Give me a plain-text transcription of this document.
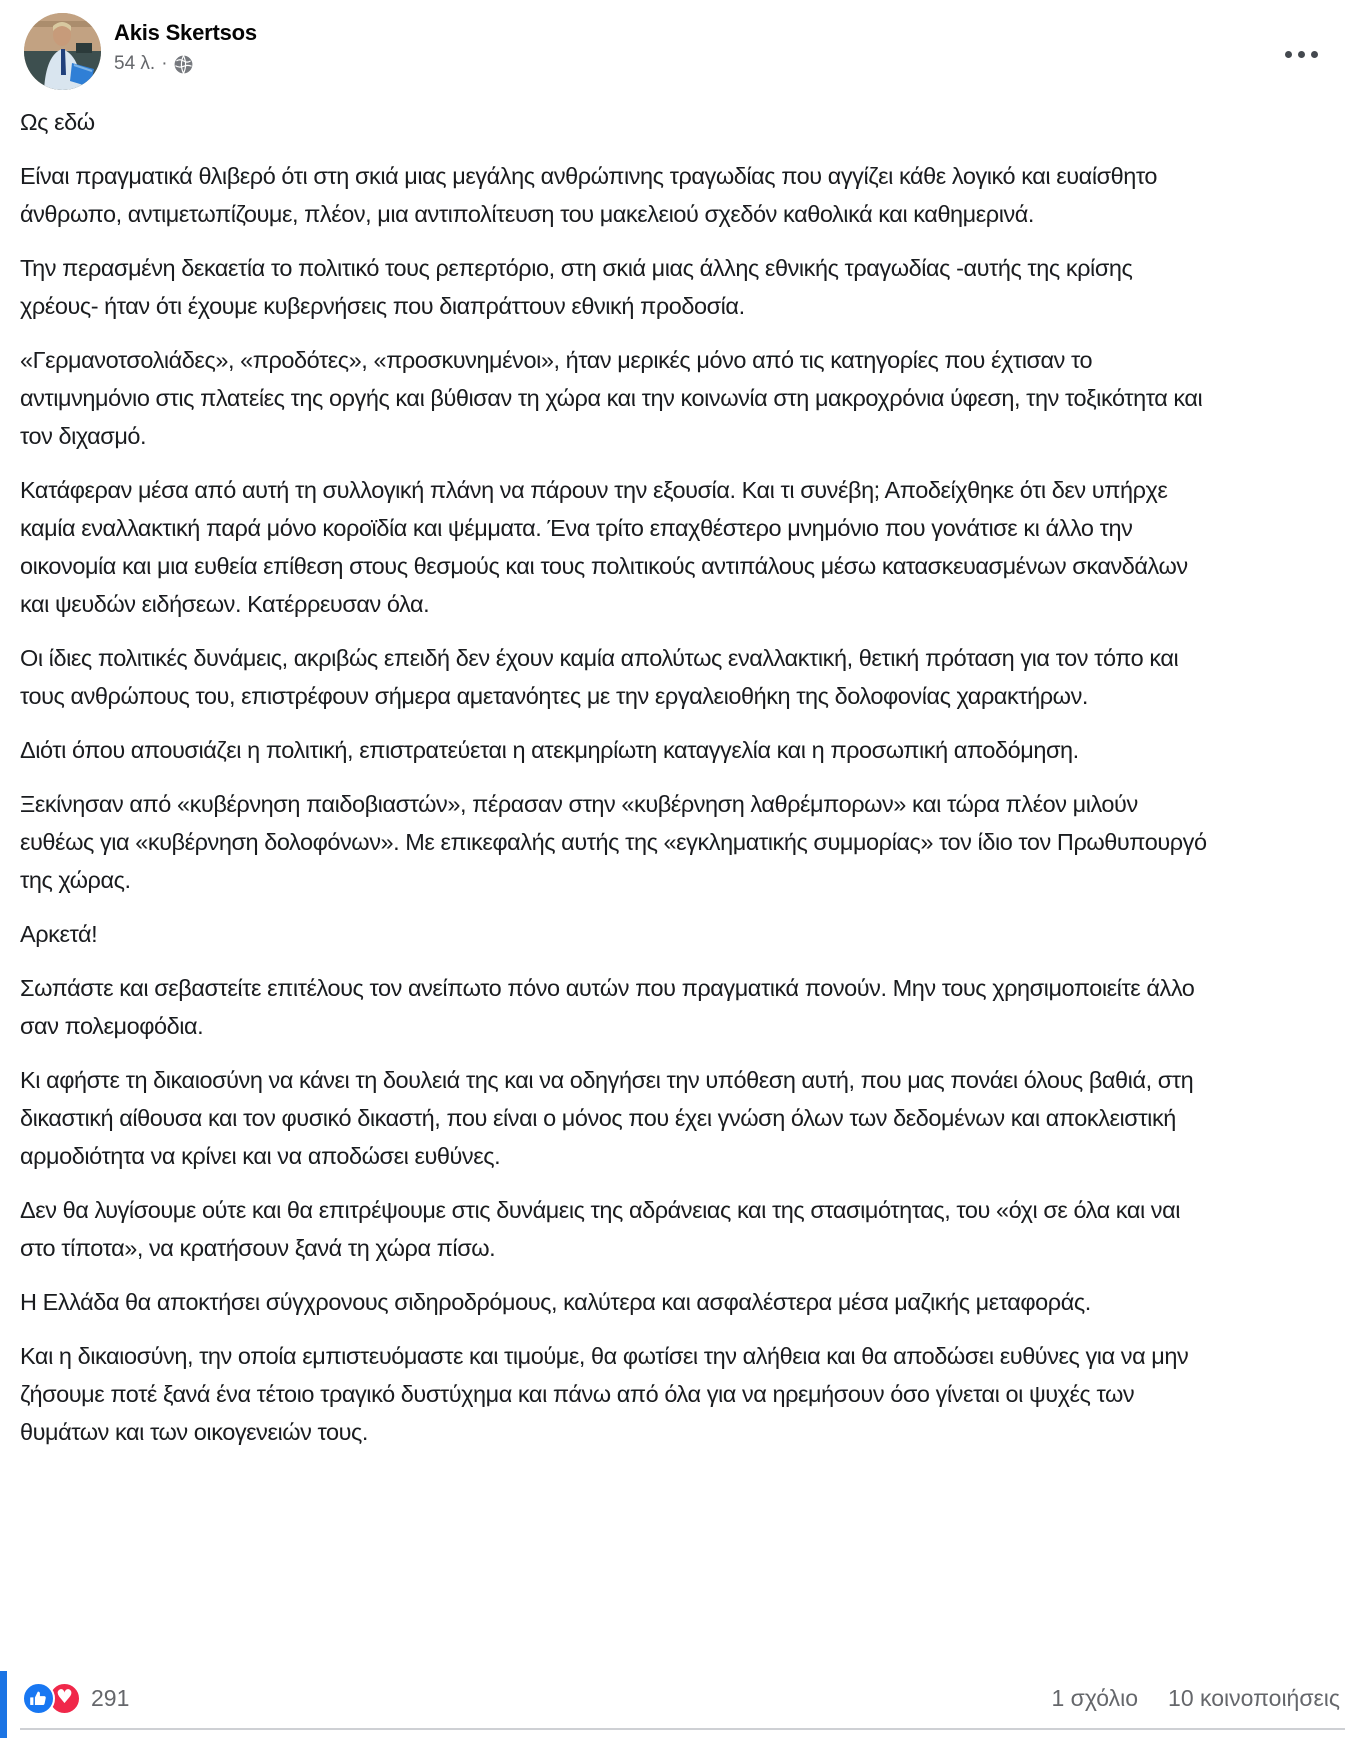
Akis Skertsos
54 λ. ·

Ως εδώ

Είναι πραγματικά θλιβερό ότι στη σκιά μιας μεγάλης ανθρώπινης τραγωδίας που αγγίζει κάθε λογικό και ευαίσθητο άνθρωπο, αντιμετωπίζουμε, πλέον, μια αντιπολίτευση του μακελειού σχεδόν καθολικά και καθημερινά.

Την περασμένη δεκαετία το πολιτικό τους ρεπερτόριο, στη σκιά μιας άλλης εθνικής τραγωδίας -αυτής της κρίσης χρέους- ήταν ότι έχουμε κυβερνήσεις που διαπράττουν εθνική προδοσία.

«Γερμανοτσολιάδες», «προδότες», «προσκυνημένοι», ήταν μερικές μόνο από τις κατηγορίες που έχτισαν το αντιμνημόνιο στις πλατείες της οργής και βύθισαν τη χώρα και την κοινωνία στη μακροχρόνια ύφεση, την τοξικότητα και τον διχασμό.

Κατάφεραν μέσα από αυτή τη συλλογική πλάνη να πάρουν την εξουσία. Και τι συνέβη; Αποδείχθηκε ότι δεν υπήρχε καμία εναλλακτική παρά μόνο κοροϊδία και ψέμματα. Ένα τρίτο επαχθέστερο μνημόνιο που γονάτισε κι άλλο την οικονομία και μια ευθεία επίθεση στους θεσμούς και τους πολιτικούς αντιπάλους μέσω κατασκευασμένων σκανδάλων και ψευδών ειδήσεων. Κατέρρευσαν όλα.

Οι ίδιες πολιτικές δυνάμεις, ακριβώς επειδή δεν έχουν καμία απολύτως εναλλακτική, θετική πρόταση για τον τόπο και τους ανθρώπους του, επιστρέφουν σήμερα αμετανόητες με την εργαλειοθήκη της δολοφονίας χαρακτήρων.

Διότι όπου απουσιάζει η πολιτική, επιστρατεύεται η ατεκμηρίωτη καταγγελία και η προσωπική αποδόμηση.

Ξεκίνησαν από «κυβέρνηση παιδοβιαστών», πέρασαν στην «κυβέρνηση λαθρέμπορων» και τώρα πλέον μιλούν ευθέως για «κυβέρνηση δολοφόνων». Με επικεφαλής αυτής της «εγκληματικής συμμορίας» τον ίδιο τον Πρωθυπουργό της χώρας.

Αρκετά!

Σωπάστε και σεβαστείτε επιτέλους τον ανείπωτο πόνο αυτών που πραγματικά πονούν. Μην τους χρησιμοποιείτε άλλο σαν πολεμοφόδια.

Κι αφήστε τη δικαιοσύνη να κάνει τη δουλειά της και να οδηγήσει την υπόθεση αυτή, που μας πονάει όλους βαθιά, στη δικαστική αίθουσα και τον φυσικό δικαστή, που είναι ο μόνος που έχει γνώση όλων των δεδομένων και αποκλειστική αρμοδιότητα να κρίνει και να αποδώσει ευθύνες.

Δεν θα λυγίσουμε ούτε και θα επιτρέψουμε στις δυνάμεις της αδράνειας και της στασιμότητας, του «όχι σε όλα και ναι στο τίποτα», να κρατήσουν ξανά τη χώρα πίσω.

Η Ελλάδα θα αποκτήσει σύγχρονους σιδηροδρόμους, καλύτερα και ασφαλέστερα μέσα μαζικής μεταφοράς.

Και η δικαιοσύνη, την οποία εμπιστευόμαστε και τιμούμε, θα φωτίσει την αλήθεια και θα αποδώσει ευθύνες για να μην ζήσουμε ποτέ ξανά ένα τέτοιο τραγικό δυστύχημα και πάνω από όλα για να ηρεμήσουν όσο γίνεται οι ψυχές των θυμάτων και των οικογενειών τους.

♥ 291	1 σχόλιο 10 κοινοποιήσεις
